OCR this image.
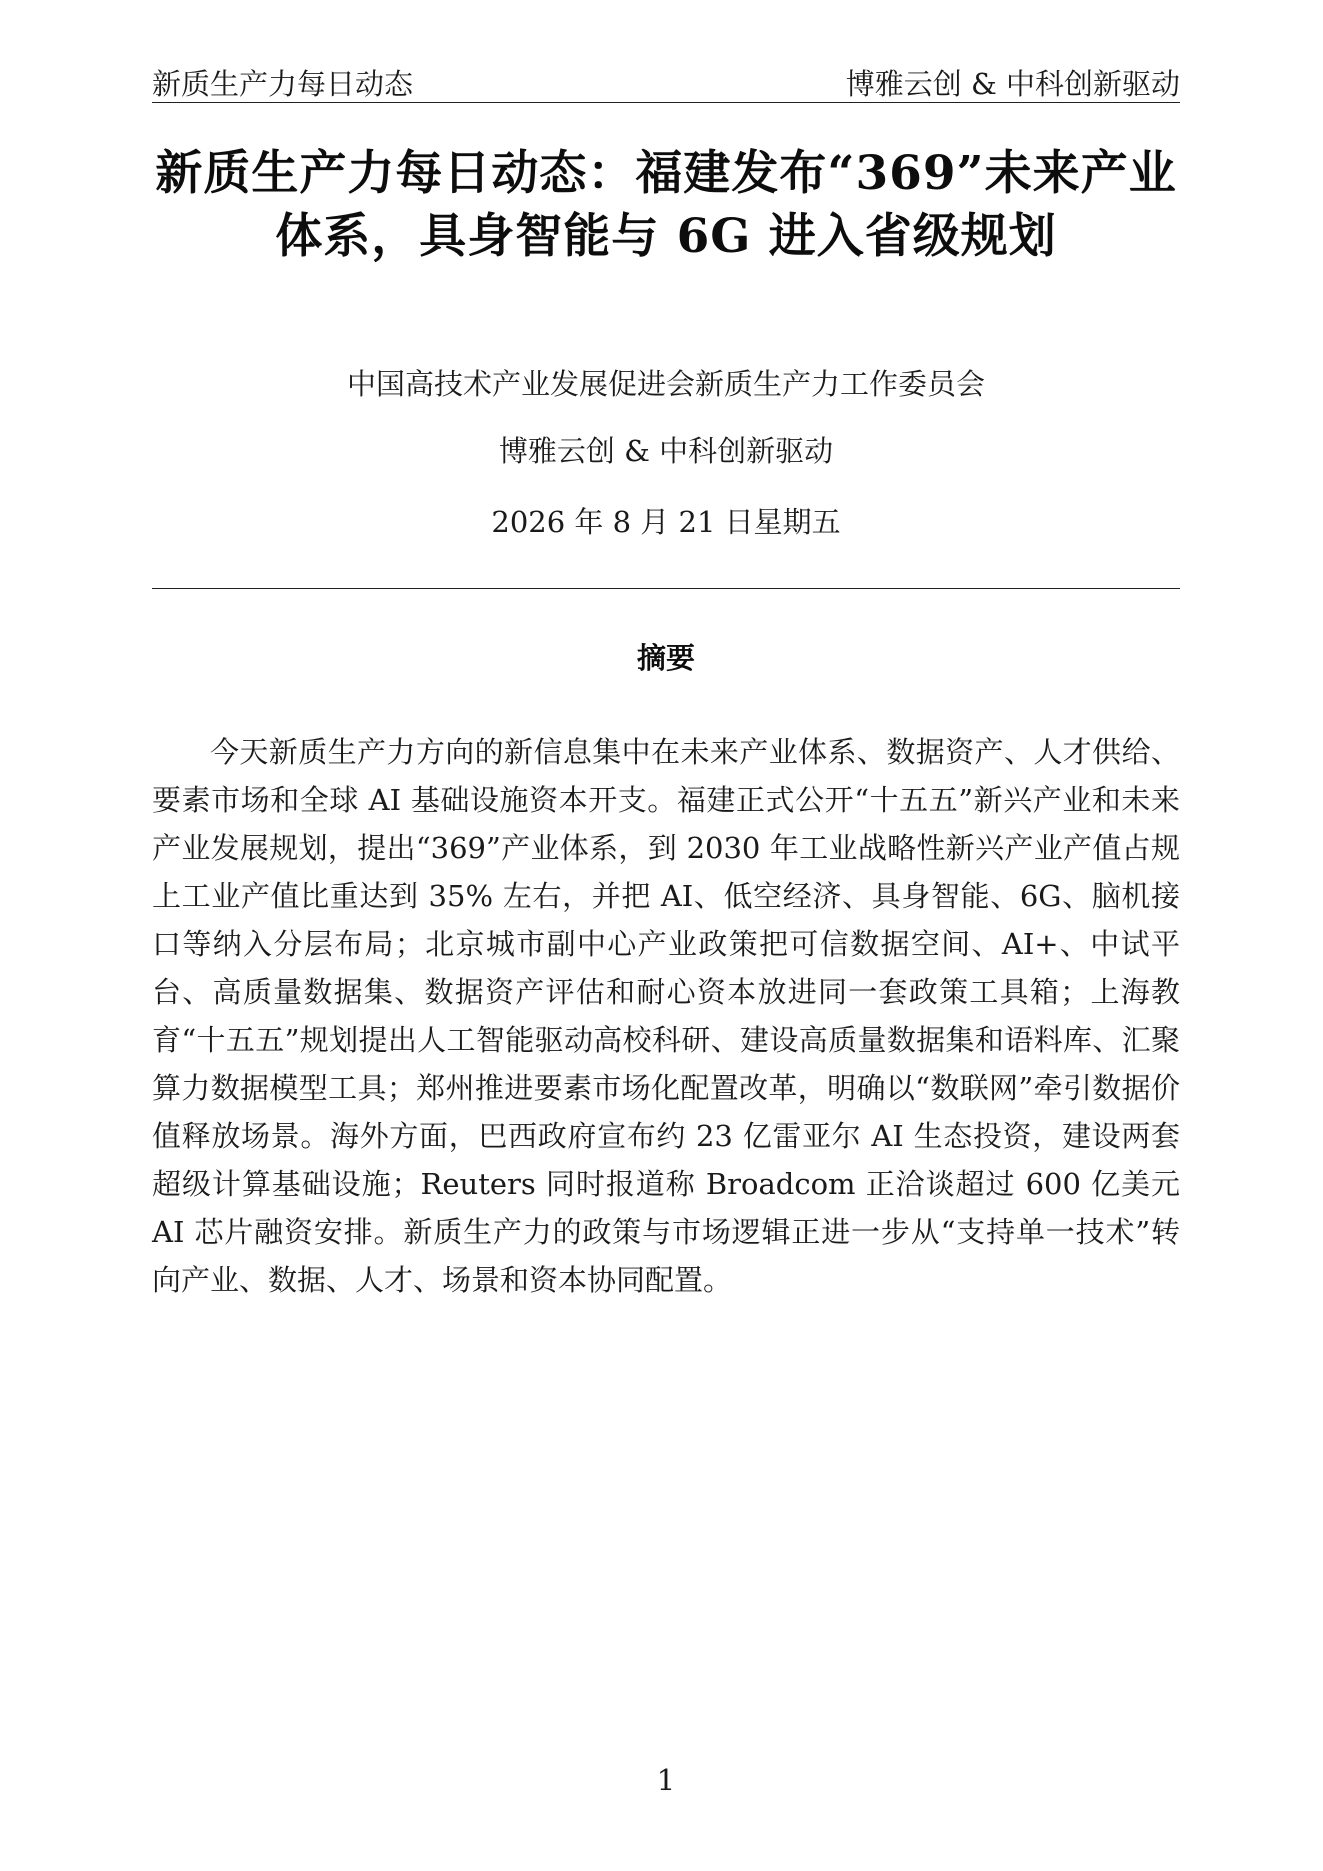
新质生产力每日动态	博雅云创 & 中科创新驱动
新质生产力每日动态：福建发布“369”未来产业体系，具身智能与 6G 进入省级规划
中国高技术产业发展促进会新质生产力工作委员会
博雅云创 & 中科创新驱动
2026 年 8 月 21 日星期五
摘要

今天新质生产力方向的新信息集中在未来产业体系、数据资产、人才供给、要素市场和全球 AI 基础设施资本开支。福建正式公开“十五五”新兴产业和未来产业发展规划，提出“369”产业体系，到 2030 年工业战略性新兴产业产值占规上工业产值比重达到 35% 左右，并把 AI、低空经济、具身智能、6G、脑机接口等纳入分层布局；北京城市副中心产业政策把可信数据空间、AI+、中试平台、高质量数据集、数据资产评估和耐心资本放进同一套政策工具箱；上海教育“十五五”规划提出人工智能驱动高校科研、建设高质量数据集和语料库、汇聚算力数据模型工具；郑州推进要素市场化配置改革，明确以“数联网”牵引数据价值释放场景。海外方面，巴西政府宣布约 23 亿雷亚尔 AI 生态投资，建设两套超级计算基础设施；Reuters 同时报道称 Broadcom 正洽谈超过 600 亿美元 AI 芯片融资安排。新质生产力的政策与市场逻辑正进一步从“支持单一技术”转向产业、数据、人才、场景和资本协同配置。

1
